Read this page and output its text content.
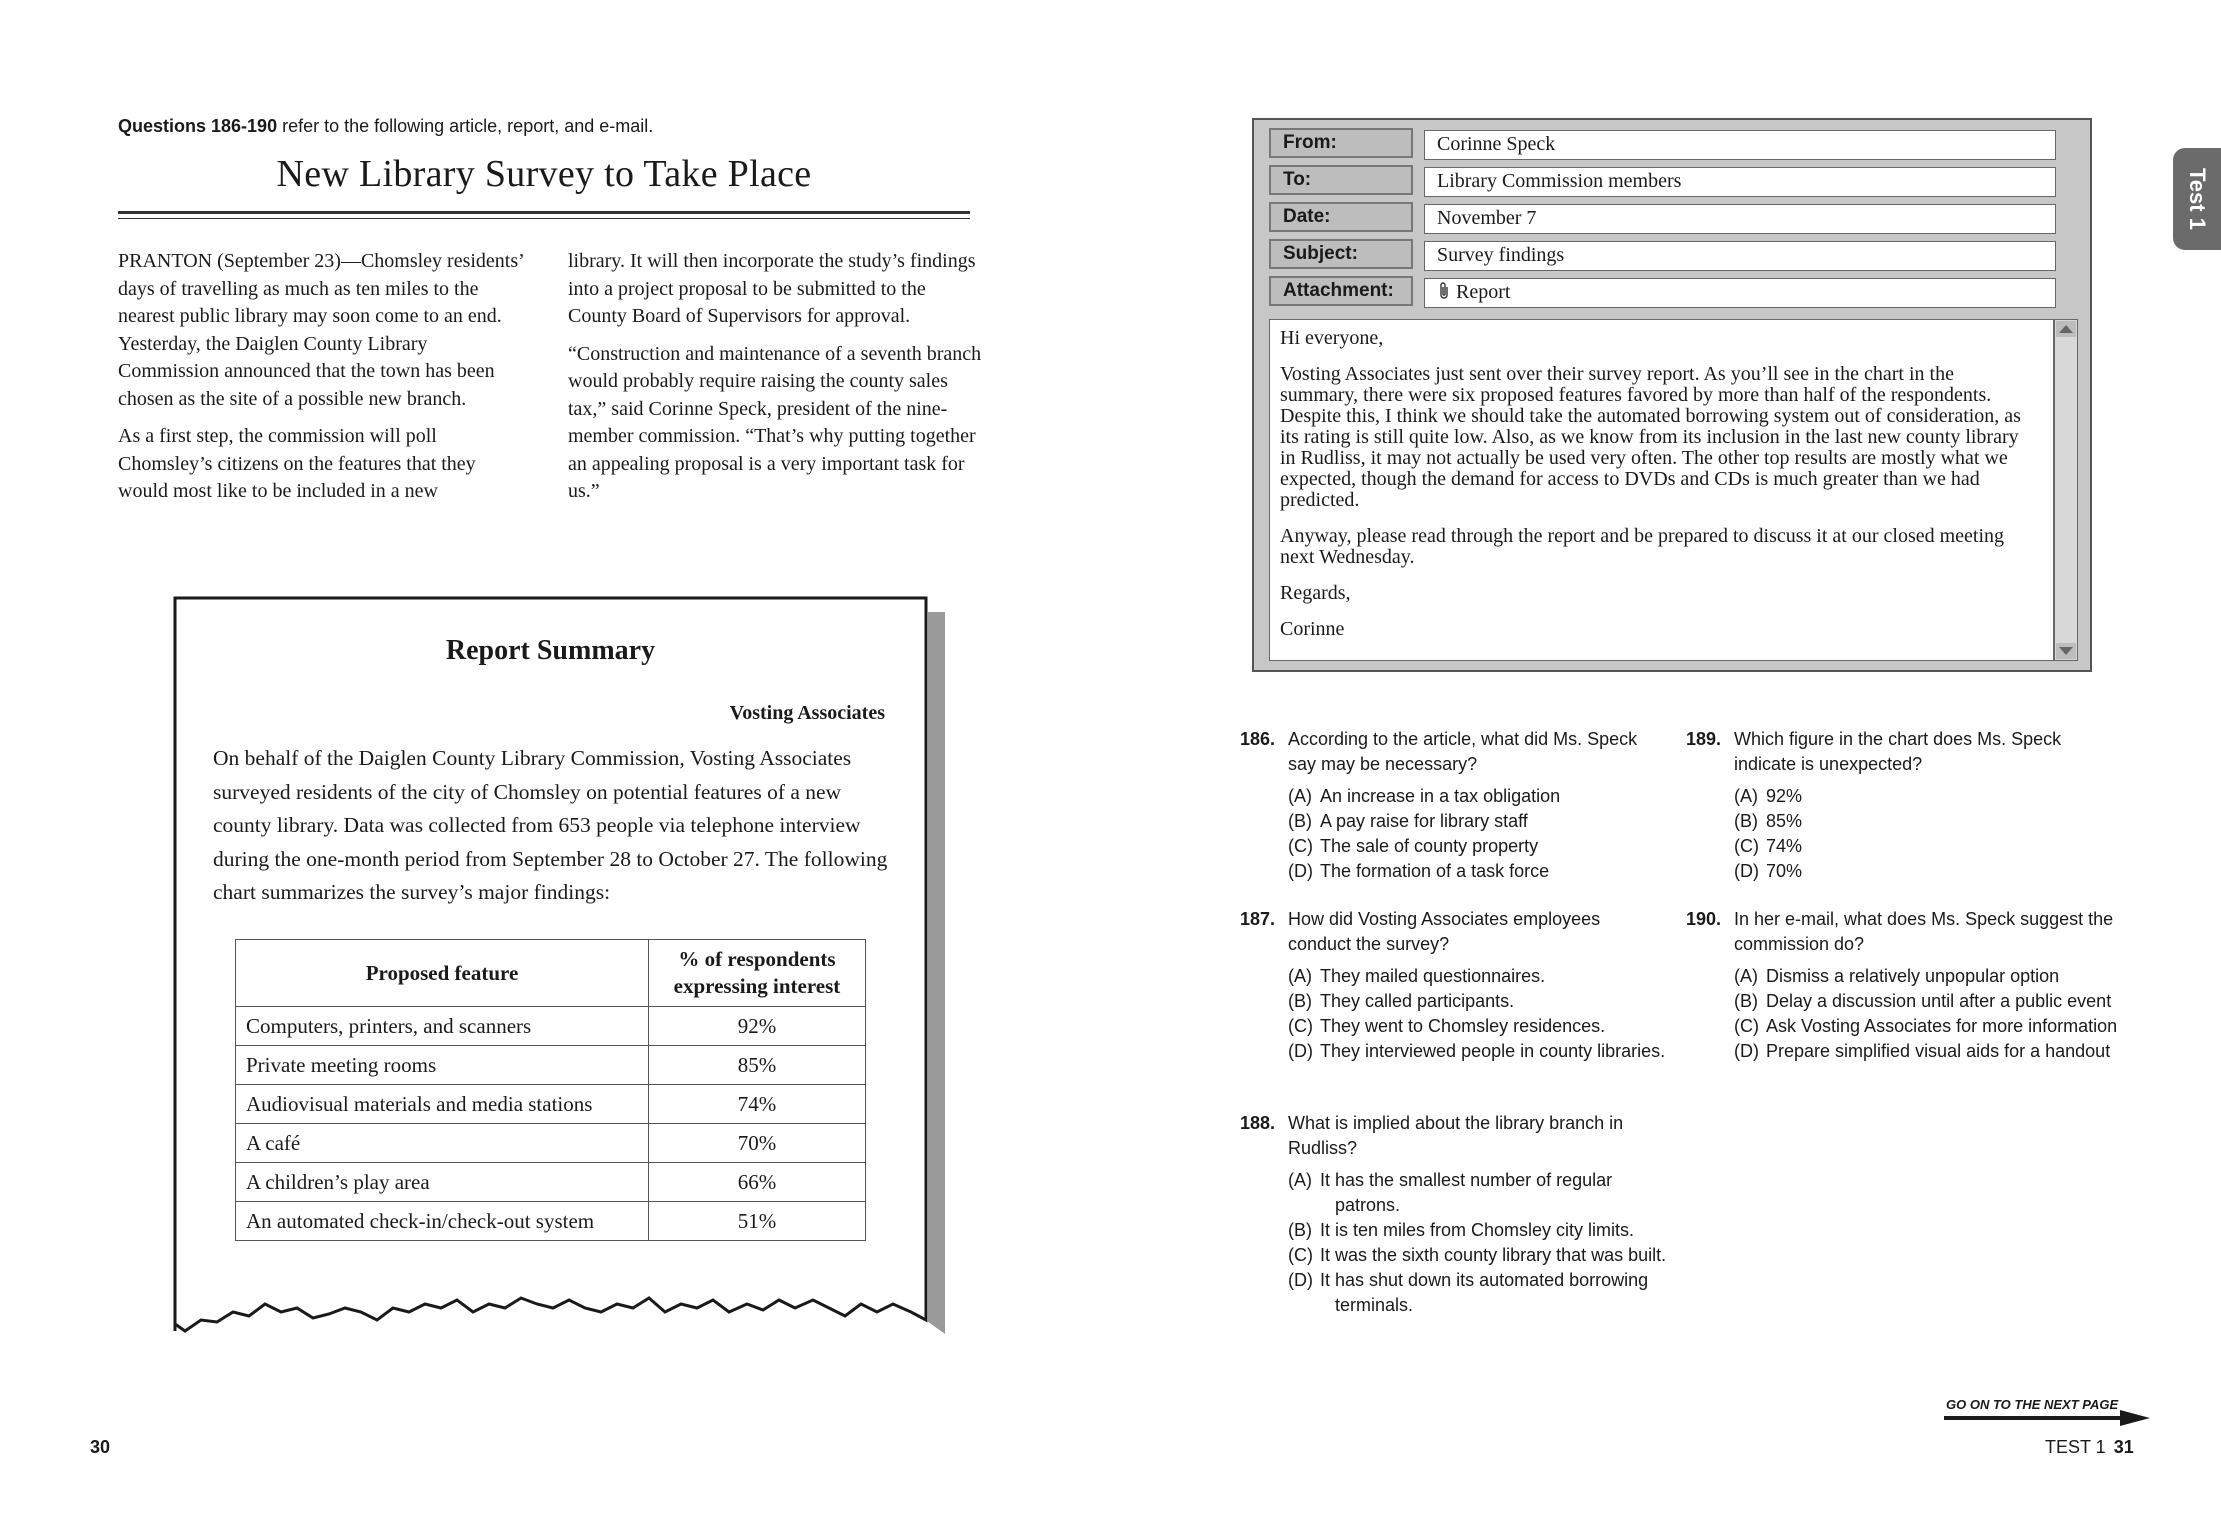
Questions 186-190 refer to the following article, report, and e-mail.
New Library Survey to Take Place

PRANTON (September 23)—Chomsley residents’ days of travelling as much as ten miles to the nearest public library may soon come to an end. Yesterday, the Daiglen County Library Commission announced that the town has been chosen as the site of a possible new branch.

As a first step, the commission will poll Chomsley’s citizens on the features that they would most like to be included in a new

library. It will then incorporate the study’s findings into a project proposal to be submitted to the County Board of Supervisors for approval.

“Construction and maintenance of a seventh branch would probably require raising the county sales tax,” said Corinne Speck, president of the nine-member commission. “That’s why putting together an appealing proposal is a very important task for us.”

Report Summary
Vosting Associates
On behalf of the Daiglen County Library Commission, Vosting Associates surveyed residents of the city of Chomsley on potential features of a new county library. Data was collected from 653 people via telephone interview during the one-month period from September 28 to October 27. The following chart summarizes the survey’s major findings:
Proposed feature	% of respondents
expressing interest
Computers, printers, and scanners	92%
Private meeting rooms	85%
Audiovisual materials and media stations	74%
A café	70%
A children’s play area	66%
An automated check-in/check-out system	51%
30
From:	Corinne Speck
To:	Library Commission members
Date:	November 7
Subject:	Survey findings
Attachment:	Report

Hi everyone,

Vosting Associates just sent over their survey report. As you’ll see in the chart in the summary, there were six proposed features favored by more than half of the respondents. Despite this, I think we should take the automated borrowing system out of consideration, as its rating is still quite low. Also, as we know from its inclusion in the last new county library in Rudliss, it may not actually be used very often. The other top results are mostly what we expected, though the demand for access to DVDs and CDs is much greater than we had predicted.

Anyway, please read through the report and be prepared to discuss it at our closed meeting next Wednesday.

Regards,

Corinne

Test 1
186. According to the article, what did Ms. Speck say may be necessary?
(A) An increase in a tax obligation
(B) A pay raise for library staff
(C) The sale of county property
(D) The formation of a task force
187. How did Vosting Associates employees conduct the survey?
(A) They mailed questionnaires.
(B) They called participants.
(C) They went to Chomsley residences.
(D) They interviewed people in county libraries.
188. What is implied about the library branch in Rudliss?
(A) It has the smallest number of regular patrons.
(B) It is ten miles from Chomsley city limits.
(C) It was the sixth county library that was built.
(D) It has shut down its automated borrowing terminals.
189. Which figure in the chart does Ms. Speck indicate is unexpected?
(A) 92%
(B) 85%
(C) 74%
(D) 70%
190. In her e-mail, what does Ms. Speck suggest the commission do?
(A) Dismiss a relatively unpopular option
(B) Delay a discussion until after a public event
(C) Ask Vosting Associates for more information
(D) Prepare simplified visual aids for a handout
GO ON TO THE NEXT PAGE
TEST 1 31
